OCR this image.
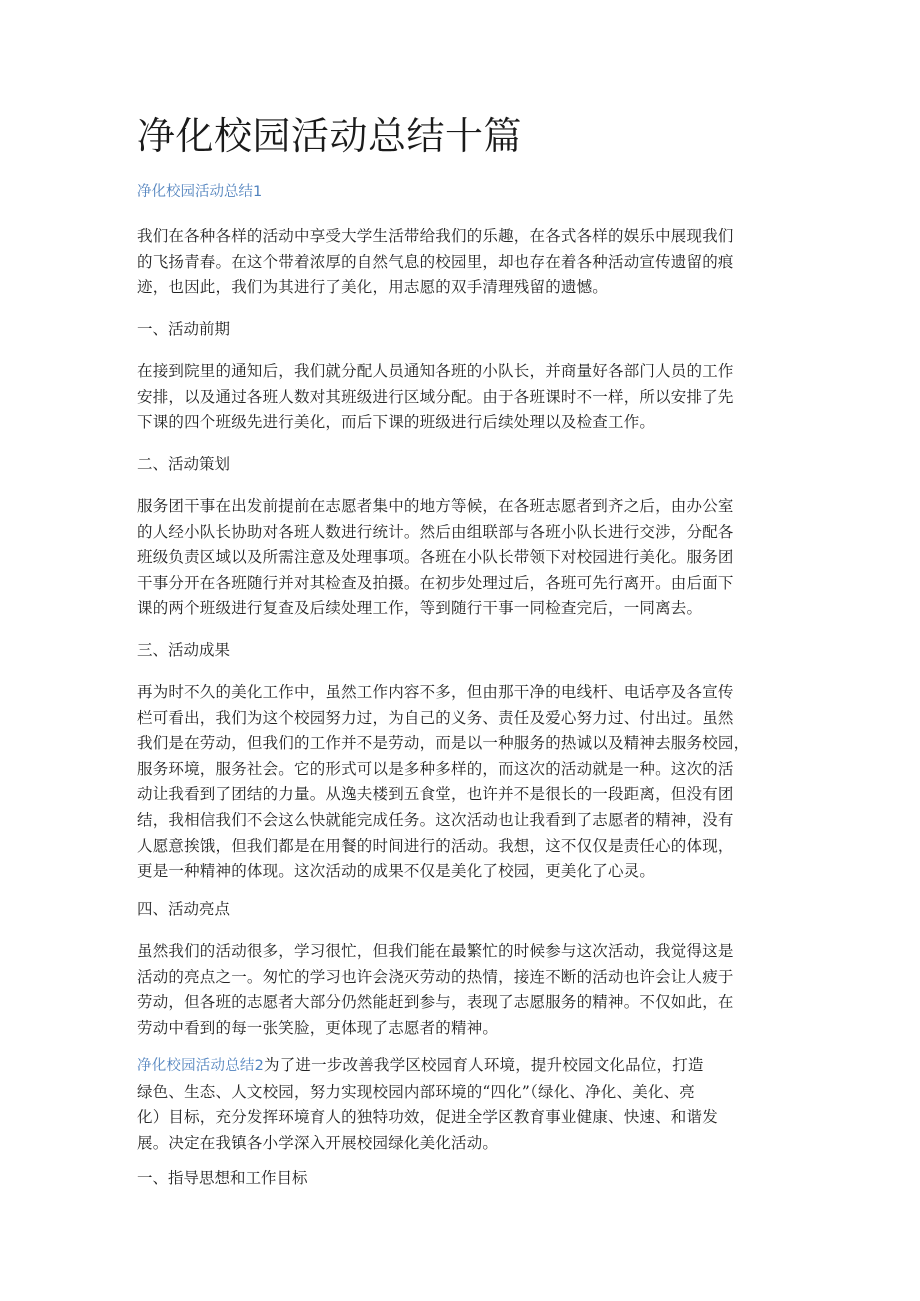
净化校园活动总结十篇

净化校园活动总结1

我们在各种各样的活动中享受大学生活带给我们的乐趣，在各式各样的娱乐中展现我们
的飞扬青春。在这个带着浓厚的自然气息的校园里，却也存在着各种活动宣传遗留的痕
迹，也因此，我们为其进行了美化，用志愿的双手清理残留的遗憾。

一、活动前期

在接到院里的通知后，我们就分配人员通知各班的小队长，并商量好各部门人员的工作
安排，以及通过各班人数对其班级进行区域分配。由于各班课时不一样，所以安排了先
下课的四个班级先进行美化，而后下课的班级进行后续处理以及检查工作。

二、活动策划

服务团干事在出发前提前在志愿者集中的地方等候，在各班志愿者到齐之后，由办公室
的人经小队长协助对各班人数进行统计。然后由组联部与各班小队长进行交涉，分配各
班级负责区域以及所需注意及处理事项。各班在小队长带领下对校园进行美化。服务团
干事分开在各班随行并对其检查及拍摄。在初步处理过后，各班可先行离开。由后面下
课的两个班级进行复查及后续处理工作，等到随行干事一同检查完后，一同离去。

三、活动成果

再为时不久的美化工作中，虽然工作内容不多，但由那干净的电线杆、电话亭及各宣传
栏可看出，我们为这个校园努力过，为自己的义务、责任及爱心努力过、付出过。虽然
我们是在劳动，但我们的工作并不是劳动，而是以一种服务的热诚以及精神去服务校园，
服务环境，服务社会。它的形式可以是多种多样的，而这次的活动就是一种。这次的活
动让我看到了团结的力量。从逸夫楼到五食堂，也许并不是很长的一段距离，但没有团
结，我相信我们不会这么快就能完成任务。这次活动也让我看到了志愿者的精神，没有
人愿意挨饿，但我们都是在用餐的时间进行的活动。我想，这不仅仅是责任心的体现，
更是一种精神的体现。这次活动的成果不仅是美化了校园，更美化了心灵。

四、活动亮点

虽然我们的活动很多，学习很忙，但我们能在最繁忙的时候参与这次活动，我觉得这是
活动的亮点之一。匆忙的学习也许会浇灭劳动的热情，接连不断的活动也许会让人疲于
劳动，但各班的志愿者大部分仍然能赶到参与，表现了志愿服务的精神。不仅如此，在
劳动中看到的每一张笑脸，更体现了志愿者的精神。
净化校园活动总结2为了进一步改善我学区校园育人环境，提升校园文化品位，打造
绿色、生态、人文校园，努力实现校园内部环境的“四化”（绿化、净化、美化、亮
化）目标，充分发挥环境育人的独特功效，促进全学区教育事业健康、快速、和谐发
展。决定在我镇各小学深入开展校园绿化美化活动。

一、指导思想和工作目标
